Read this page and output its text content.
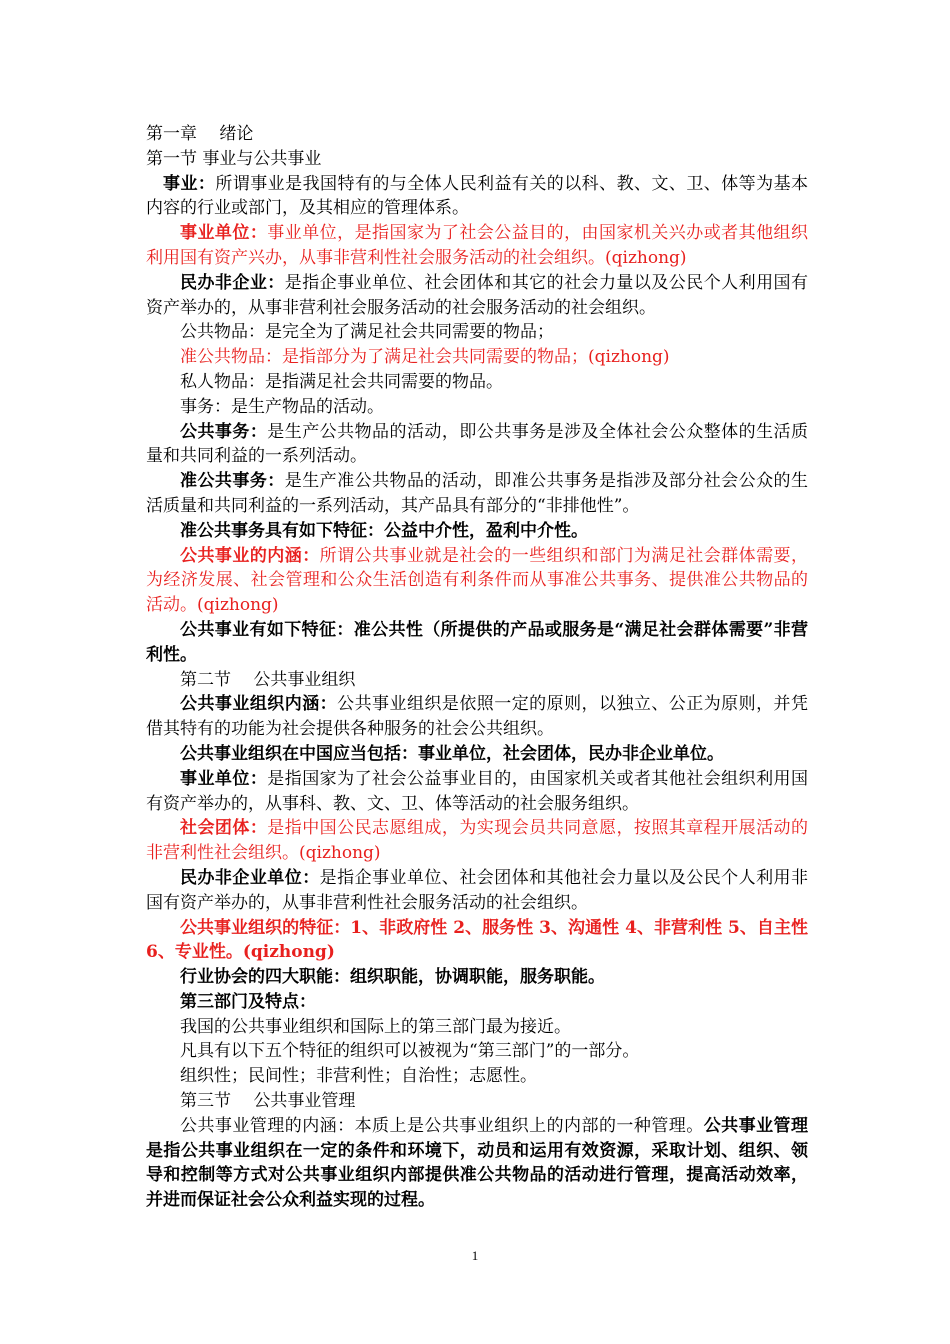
第一章　 绪论
第一节 事业与公共事业

事业：所谓事业是我国特有的与全体人民利益有关的以科、教、文、卫、体等为基本内容的行业或部门，及其相应的管理体系。

事业单位：事业单位，是指国家为了社会公益目的，由国家机关兴办或者其他组织利用国有资产兴办，从事非营利性社会服务活动的社会组织。(qizhong)

民办非企业：是指企事业单位、社会团体和其它的社会力量以及公民个人利用国有资产举办的，从事非营利社会服务活动的社会服务活动的社会组织。

公共物品：是完全为了满足社会共同需要的物品；

准公共物品：是指部分为了满足社会共同需要的物品；(qizhong)

私人物品：是指满足社会共同需要的物品。

事务：是生产物品的活动。

公共事务：是生产公共物品的活动，即公共事务是涉及全体社会公众整体的生活质量和共同利益的一系列活动。

准公共事务：是生产准公共物品的活动，即准公共事务是指涉及部分社会公众的生活质量和共同利益的一系列活动，其产品具有部分的“非排他性”。

准公共事务具有如下特征：公益中介性，盈利中介性。

公共事业的内涵：所谓公共事业就是社会的一些组织和部门为满足社会群体需要，为经济发展、社会管理和公众生活创造有利条件而从事准公共事务、提供准公共物品的活动。(qizhong)

公共事业有如下特征：准公共性（所提供的产品或服务是“满足社会群体需要”非营利性。

第二节　 公共事业组织

公共事业组织内涵：公共事业组织是依照一定的原则，以独立、公正为原则，并凭借其特有的功能为社会提供各种服务的社会公共组织。

公共事业组织在中国应当包括：事业单位，社会团体，民办非企业单位。

事业单位：是指国家为了社会公益事业目的，由国家机关或者其他社会组织利用国有资产举办的，从事科、教、文、卫、体等活动的社会服务组织。

社会团体：是指中国公民志愿组成，为实现会员共同意愿，按照其章程开展活动的非营利性社会组织。(qizhong)

民办非企业单位：是指企事业单位、社会团体和其他社会力量以及公民个人利用非国有资产举办的，从事非营利性社会服务活动的社会组织。

公共事业组织的特征：1、非政府性 2、服务性 3、沟通性 4、非营利性 5、自主性 6、专业性。(qizhong)

行业协会的四大职能：组织职能，协调职能，服务职能。

第三部门及特点：

我国的公共事业组织和国际上的第三部门最为接近。

凡具有以下五个特征的组织可以被视为“第三部门”的一部分。

组织性；民间性；非营利性；自治性；志愿性。

第三节　 公共事业管理

公共事业管理的内涵：本质上是公共事业组织上的内部的一种管理。公共事业管理是指公共事业组织在一定的条件和环境下，动员和运用有效资源，采取计划、组织、领导和控制等方式对公共事业组织内部提供准公共物品的活动进行管理，提高活动效率，并进而保证社会公众利益实现的过程。

1
